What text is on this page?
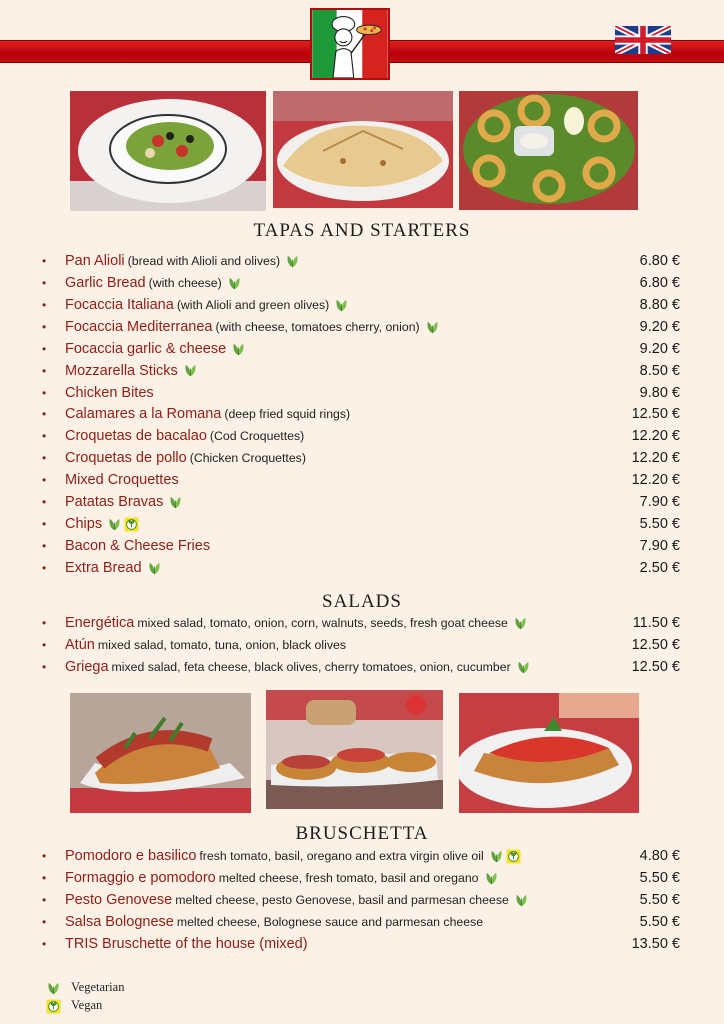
TAPAS AND STARTERS
• Pan Alioli (bread with Alioli and olives)	6.80 €
• Garlic Bread (with cheese)	6.80 €
• Focaccia Italiana (with Alioli and green olives)	8.80 €
• Focaccia Mediterranea (with cheese, tomatoes cherry, onion)	9.20 €
• Focaccia garlic & cheese	9.20 €
• Mozzarella Sticks	8.50 €
• Chicken Bites	9.80 €
• Calamares a la Romana (deep fried squid rings)	12.50 €
• Croquetas de bacalao (Cod Croquettes)	12.20 €
• Croquetas de pollo (Chicken Croquettes)	12.20 €
• Mixed Croquettes	12.20 €
• Patatas Bravas	7.90 €
• Chips	5.50 €
• Bacon & Cheese Fries	7.90 €
• Extra Bread	2.50 €
SALADS
• Energética mixed salad, tomato, onion, corn, walnuts, seeds, fresh goat cheese	11.50 €
• Atún mixed salad, tomato, tuna, onion, black olives	12.50 €
• Griega mixed salad, feta cheese, black olives, cherry tomatoes, onion, cucumber	12.50 €
BRUSCHETTA
• Pomodoro e basilico fresh tomato, basil, oregano and extra virgin olive oil	4.80 €
• Formaggio e pomodoro melted cheese, fresh tomato, basil and oregano	5.50 €
• Pesto Genovese melted cheese, pesto Genovese, basil and parmesan cheese	5.50 €
• Salsa Bolognese melted cheese, Bolognese sauce and parmesan cheese	5.50 €
• TRIS Bruschette of the house (mixed)	13.50 €
Vegetarian
Vegan
